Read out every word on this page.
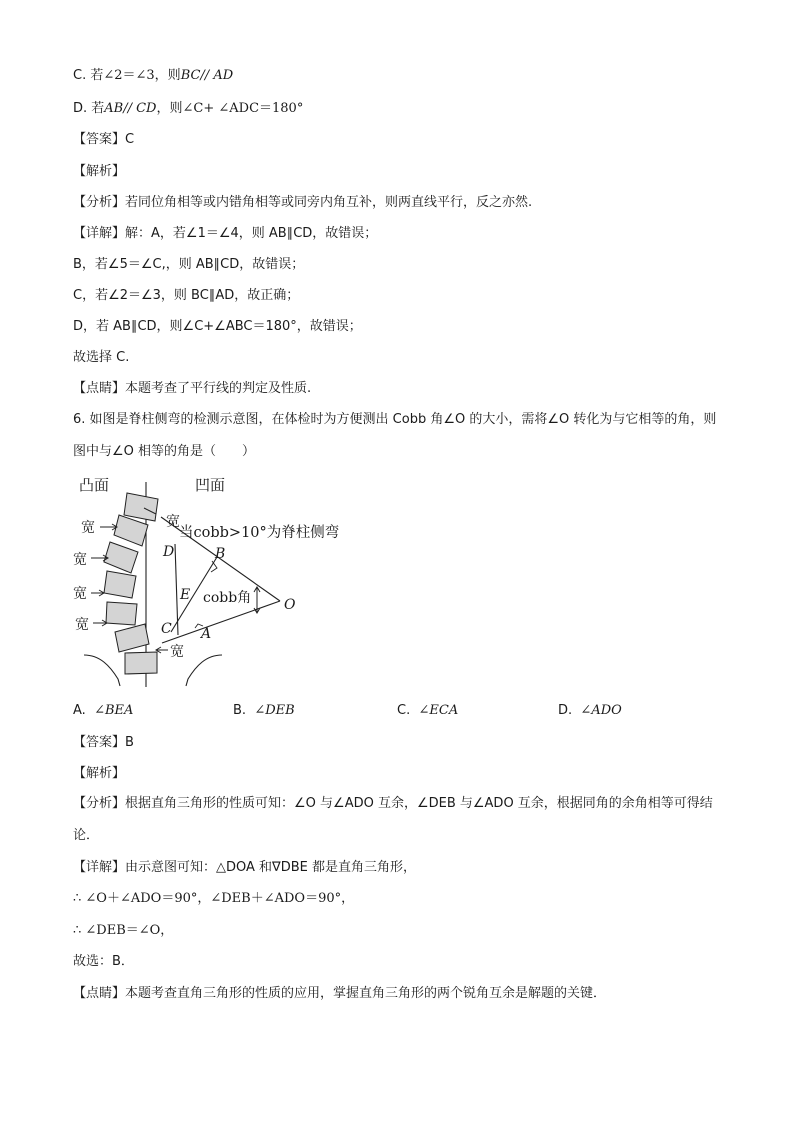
C. 若∠2＝∠3，则BC// AD
D. 若AB// CD，则∠C+ ∠ADC＝180°
【答案】C
【解析】
【分析】若同位角相等或内错角相等或同旁内角互补，则两直线平行，反之亦然.
【详解】解：A，若∠1＝∠4，则 AB∥CD，故错误；
B，若∠5＝∠C,，则 AB∥CD，故错误；
C，若∠2＝∠3，则 BC∥AD，故正确；
D，若 AB∥CD，则∠C+∠ABC＝180°，故错误；
故选择 C.
【点睛】本题考查了平行线的判定及性质.
6. 如图是脊柱侧弯的检测示意图，在体检时为方便测出 Cobb 角∠O 的大小，需将∠O 转化为与它相等的角，则图中与∠O 相等的角是（　　）
凸面	凹面
宽
宽
宽
宽
宽
宽
当cobb>10°为脊柱侧弯
cobb角 O
B
D
E
C A
A. ∠BEA	B. ∠DEB	C. ∠ECA	D. ∠ADO
【答案】B
【解析】
【分析】根据直角三角形的性质可知：∠O 与∠ADO 互余，∠DEB 与∠ADO 互余，根据同角的余角相等可得结论．
【详解】由示意图可知：△DOA 和∇DBE 都是直角三角形，
∴ ∠O＋∠ADO＝90°，∠DEB＋∠ADO＝90°，
∴ ∠DEB＝∠O，
故选：B．
【点睛】本题考查直角三角形的性质的应用，掌握直角三角形的两个锐角互余是解题的关键．
